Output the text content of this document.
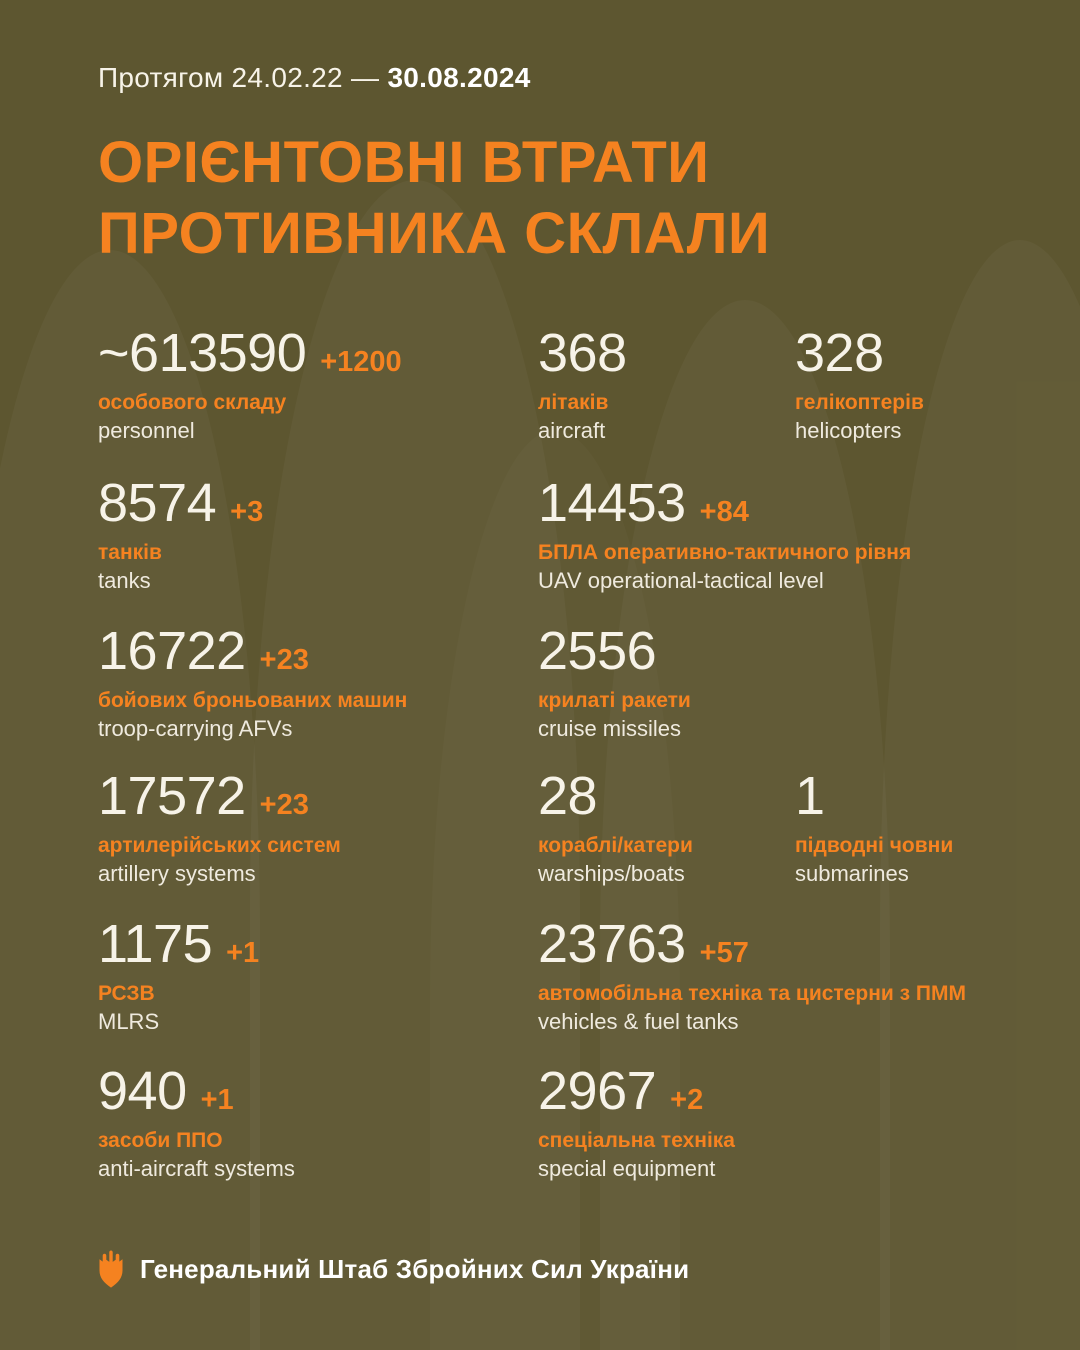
Протягом 24.02.22 — 30.08.2024
ОРІЄНТОВНІ ВТРАТИ
ПРОТИВНИКА СКЛАЛИ
~613590 +1200
особового складу
personnel
368
літаків
aircraft
328
гелікоптерів
helicopters
8574 +3
танків
tanks
14453 +84
БПЛА оперативно-тактичного рівня
UAV operational-tactical level
16722 +23
бойових броньованих машин
troop-carrying AFVs
2556
крилаті ракети
cruise missiles
17572 +23
артилерійських систем
artillery systems
28
кораблі/катери
warships/boats
1
підводні човни
submarines
1175 +1
РСЗВ
MLRS
23763 +57
автомобільна техніка та цистерни з ПММ
vehicles & fuel tanks
940 +1
засоби ППО
anti-aircraft systems
2967 +2
спеціальна техніка
special equipment
Генеральний Штаб Збройних Сил України
